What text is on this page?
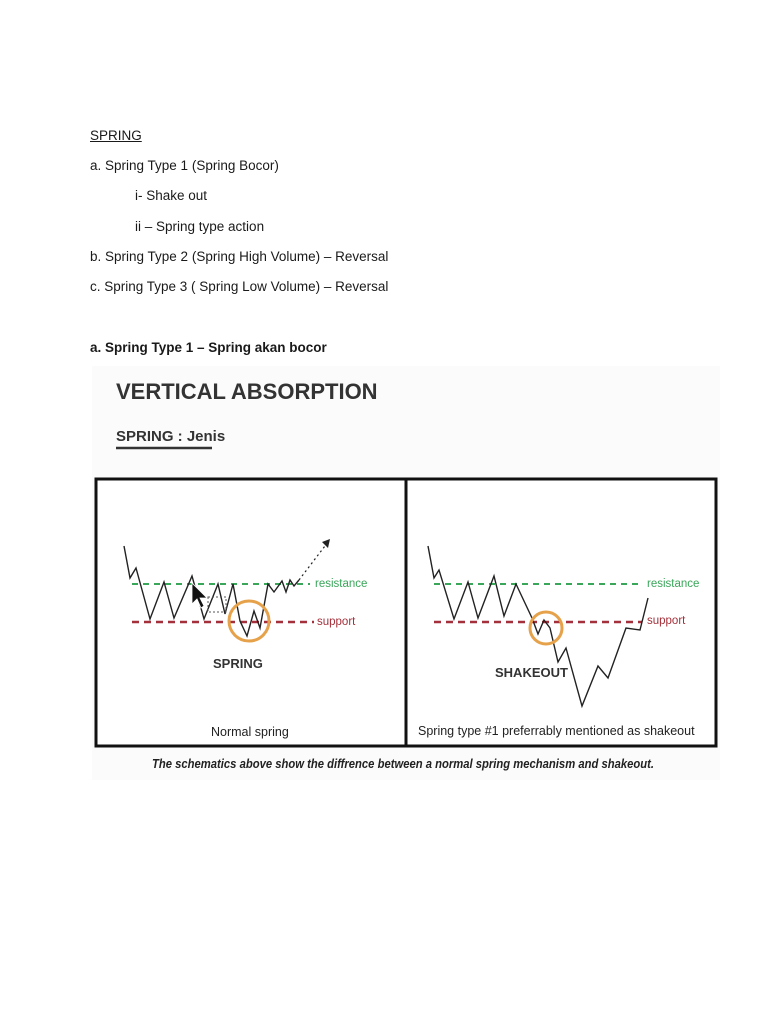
SPRING
a. Spring Type 1 (Spring Bocor)
i- Shake out
ii – Spring type action
b. Spring Type 2 (Spring High Volume) – Reversal
c. Spring Type 3 ( Spring Low Volume) – Reversal
a. Spring Type 1 – Spring akan bocor
VERTICAL ABSORPTION
SPRING : Jenis
resistance
support
SPRING
Normal spring
resistance
support
SHAKEOUT
Spring type #1 preferrably mentioned as shakeout
The schematics above show the diffrence between a normal spring mechanism and shakeout.
